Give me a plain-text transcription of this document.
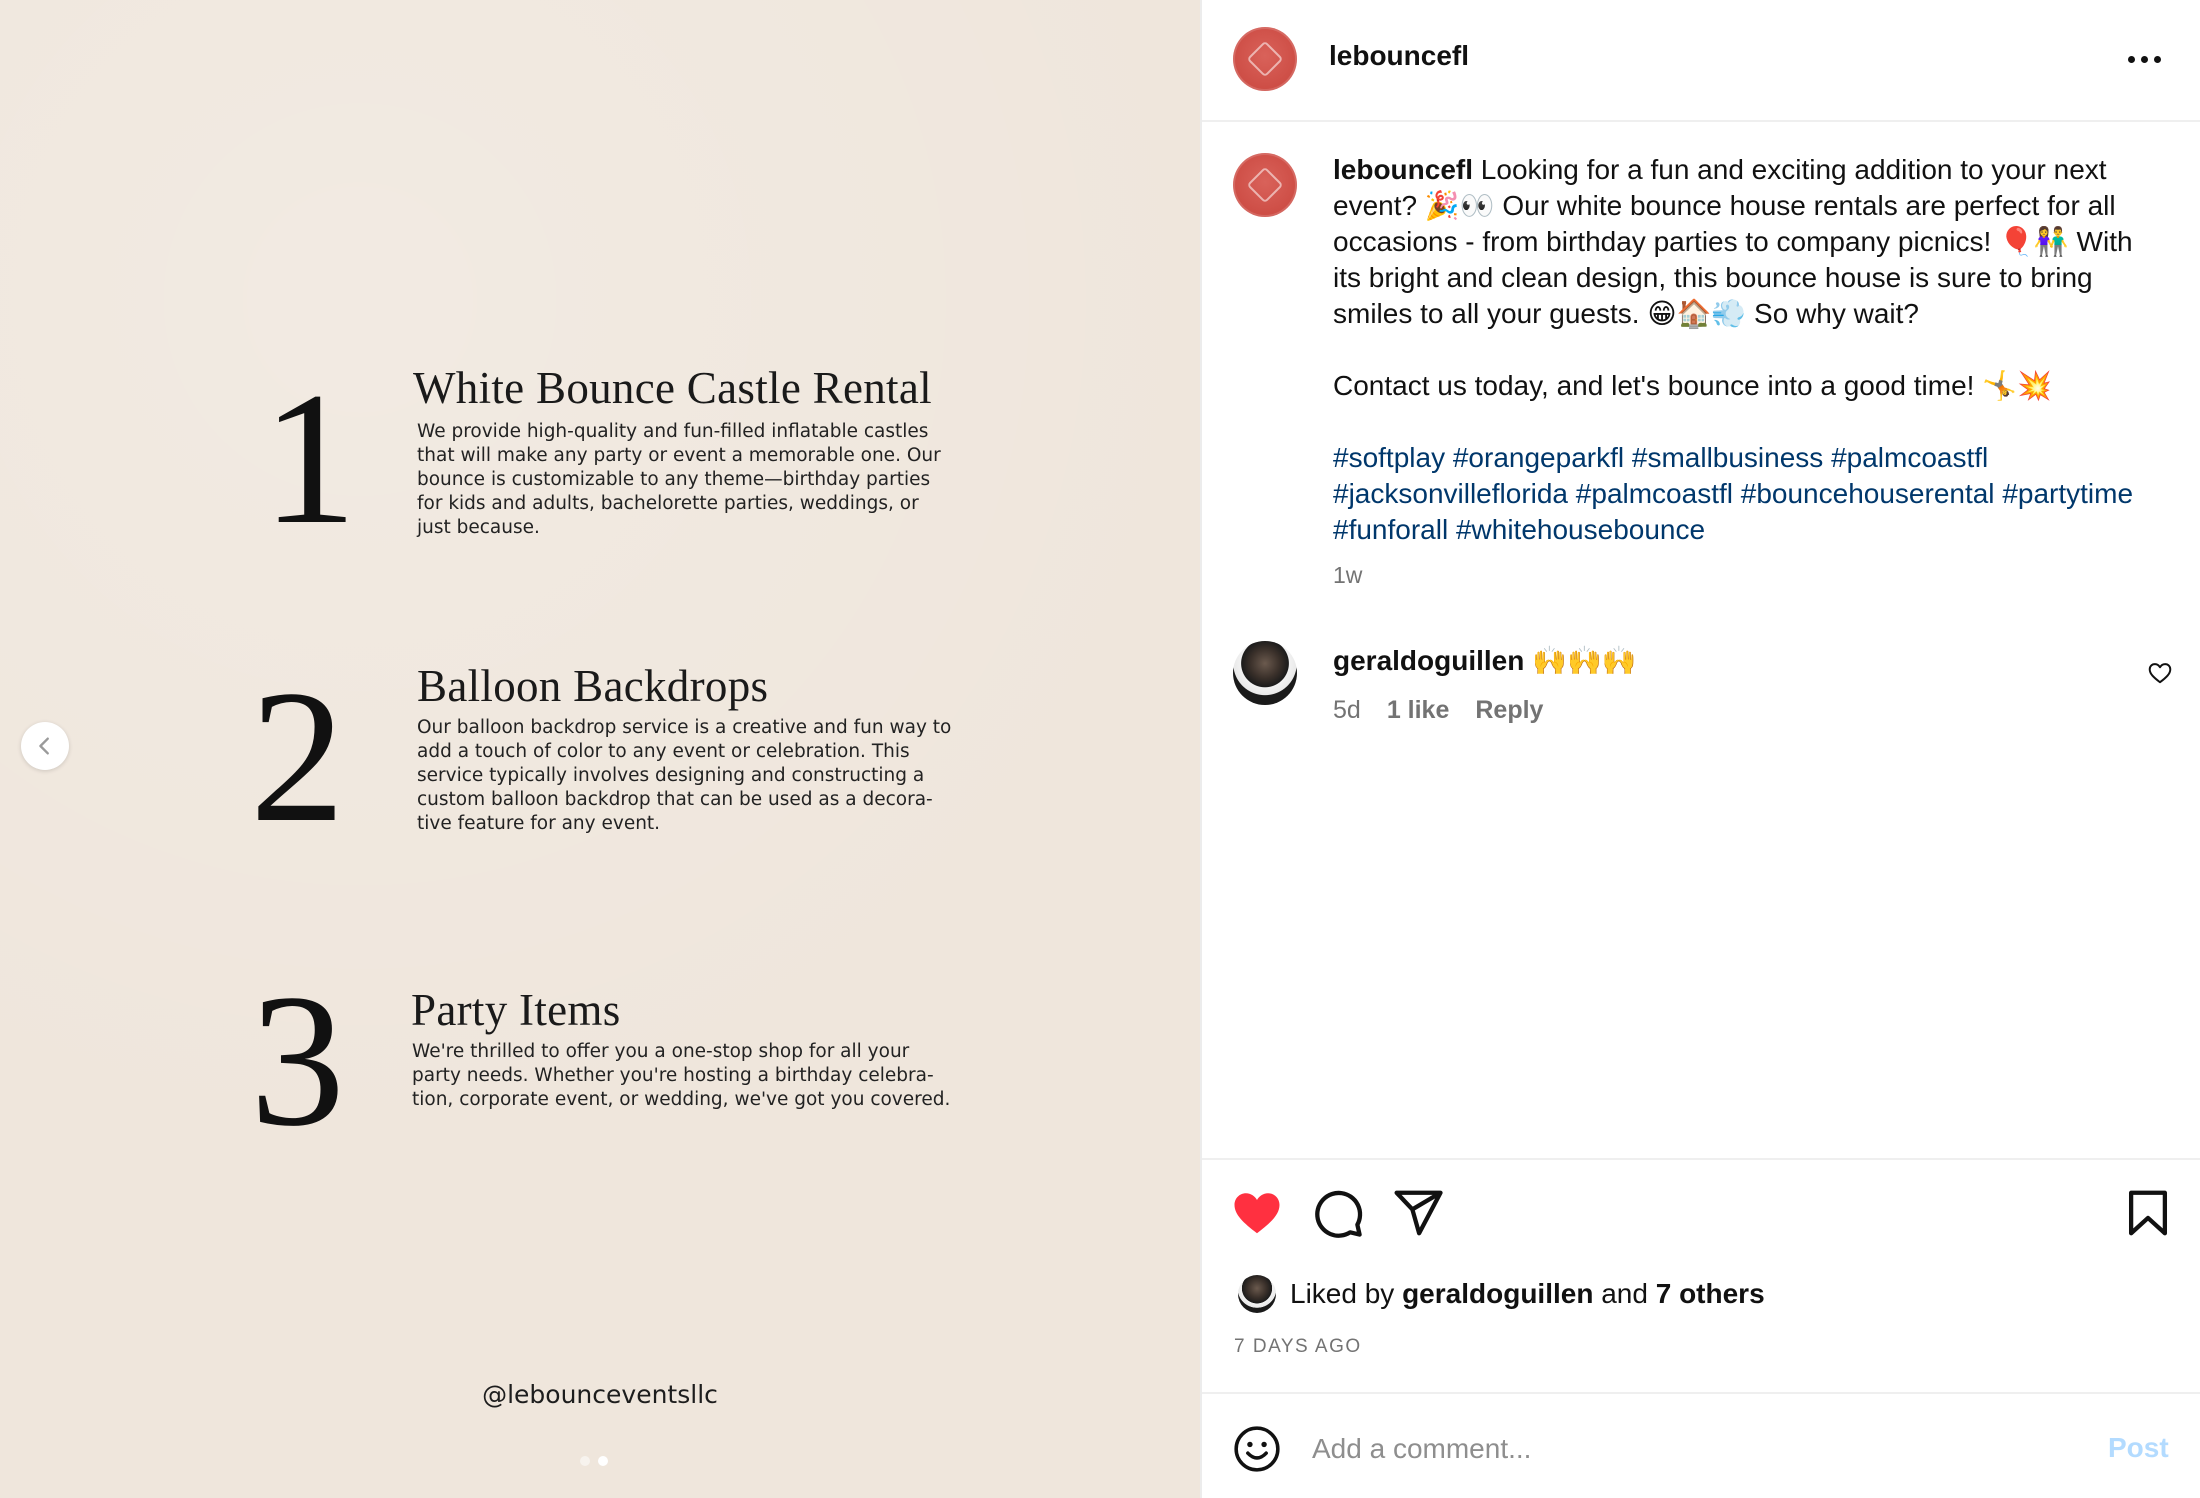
1 White Bounce Castle Rental
We provide high-quality and fun-filled inflatable castles that will make any party or event a memorable one. Our bounce is customizable to any theme—birthday parties for kids and adults, bachelorette parties, weddings, or just because.
2 Balloon Backdrops
Our balloon backdrop service is a creative and fun way to add a touch of color to any event or celebration. This service typically involves designing and constructing a custom balloon backdrop that can be used as a decora-tive feature for any event.
3 Party Items
We're thrilled to offer you a one-stop shop for all your party needs. Whether you're hosting a birthday celebra-tion, corporate event, or wedding, we've got you covered.
@lebounceventsllc
lebouncefl

lebouncefl Looking for a fun and exciting addition to your next event? 🎉👀 Our white bounce house rentals are perfect for all occasions - from birthday parties to company picnics! 🎈👫 With its bright and clean design, this bounce house is sure to bring smiles to all your guests. 😁🏠💨 So why wait?

Contact us today, and let's bounce into a good time! 🤸💥

#softplay #orangeparkfl #smallbusiness #palmcoastfl #jacksonvilleflorida #palmcoastfl #bouncehouserental #partytime #funforall #whitehousebounce

1w
geraldoguillen 🙌🙌🙌
5d 1 like Reply
Liked by geraldoguillen and 7 others
7 DAYS AGO
Add a comment...
Post
